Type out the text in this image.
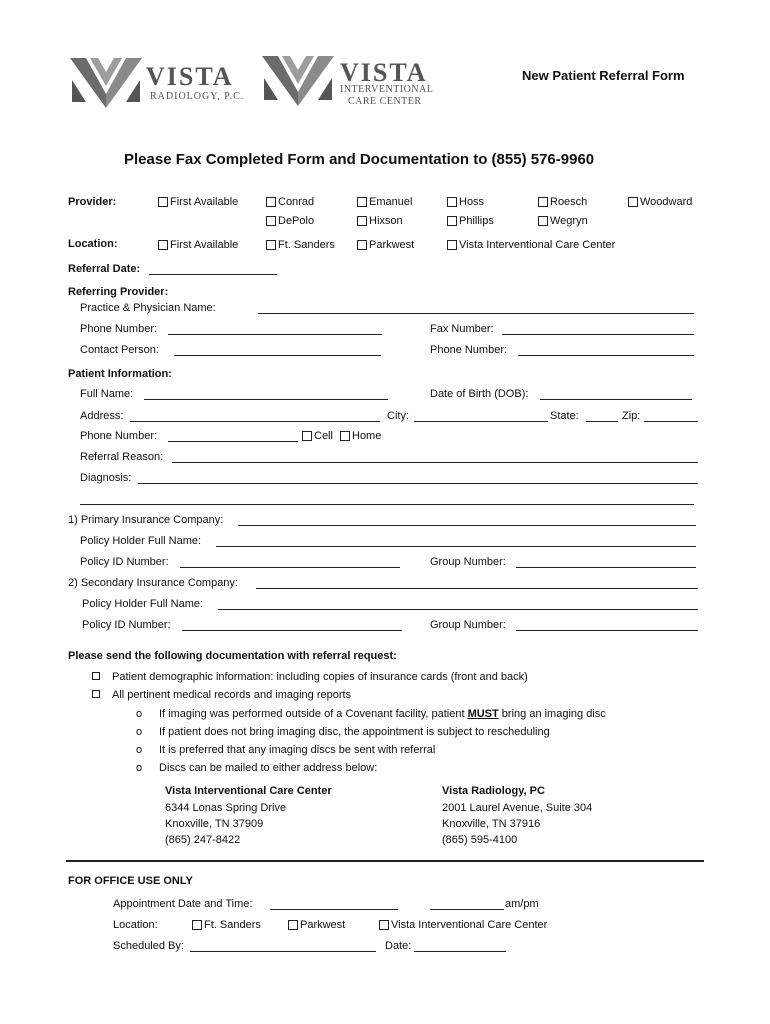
VISTA
RADIOLOGY, P.C.
VISTA
INTERVENTIONAL
CARE CENTER
New Patient Referral Form
Please Fax Completed Form and Documentation to (855) 576-9960
Provider:	First Available	Conrad	Emanuel	Hoss	Roesch	Woodward
DePolo	Hixson	Phillips	Wegryn
Location:	First Available	Ft. Sanders	Parkwest	Vista Interventional Care Center
Referral Date:
Referring Provider:
Practice & Physician Name:
Phone Number:	Fax Number:
Contact Person:	Phone Number:
Patient Information:
Full Name:	Date of Birth (DOB):
Address:	City:	State:	Zip:
Phone Number:	Cell	Home
Referral Reason:
Diagnosis:
1) Primary Insurance Company:
Policy Holder Full Name:
Policy ID Number:	Group Number:
2) Secondary Insurance Company:
Policy Holder Full Name:
Policy ID Number:	Group Number:
Please send the following documentation with referral request:
Patient demographic information: including copies of insurance cards (front and back)
All pertinent medical records and imaging reports
o If imaging was performed outside of a Covenant facility, patient MUST bring an imaging disc
o If patient does not bring imaging disc, the appointment is subject to rescheduling
o It is preferred that any imaging discs be sent with referral
o Discs can be mailed to either address below:
Vista Interventional Care Center
6344 Lonas Spring Drive
Knoxville, TN 37909
(865) 247-8422
Vista Radiology, PC
2001 Laurel Avenue, Suite 304
Knoxville, TN 37916
(865) 595-4100
FOR OFFICE USE ONLY
Appointment Date and Time:	am/pm
Location:	Ft. Sanders	Parkwest	Vista Interventional Care Center
Scheduled By:	Date:
